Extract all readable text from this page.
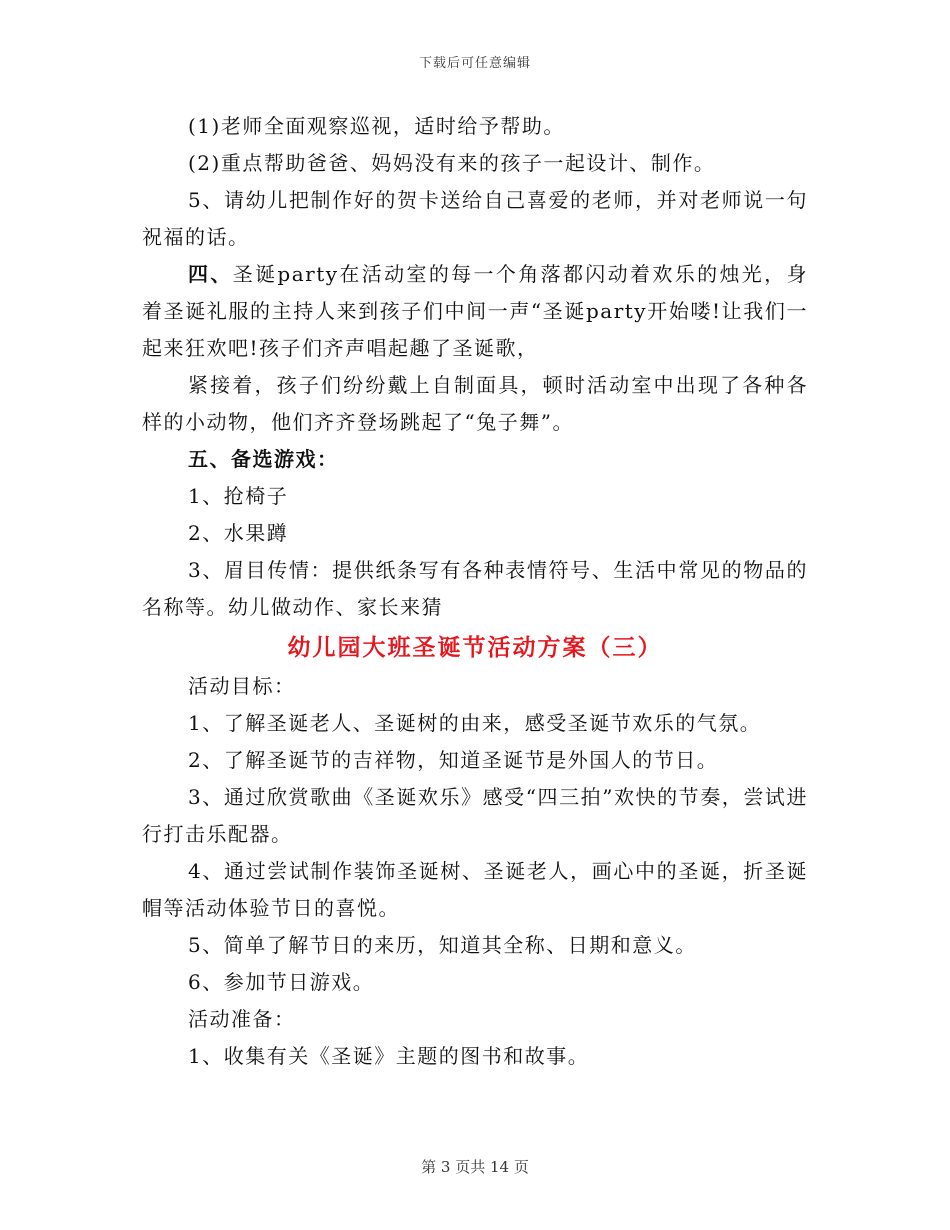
下载后可任意编辑

(1)老师全面观察巡视，适时给予帮助。

(2)重点帮助爸爸、妈妈没有来的孩子一起设计、制作。

5、请幼儿把制作好的贺卡送给自己喜爱的老师，并对老师说一句祝福的话。

四、圣诞party在活动室的每一个角落都闪动着欢乐的烛光，身着圣诞礼服的主持人来到孩子们中间一声“圣诞party开始喽!让我们一起来狂欢吧!孩子们齐声唱起趣了圣诞歌，

紧接着，孩子们纷纷戴上自制面具，顿时活动室中出现了各种各样的小动物，他们齐齐登场跳起了“兔子舞”。

五、备选游戏：

1、抢椅子

2、水果蹲

3、眉目传情：提供纸条写有各种表情符号、生活中常见的物品的名称等。幼儿做动作、家长来猜

幼儿园大班圣诞节活动方案（三）

活动目标：

1、了解圣诞老人、圣诞树的由来，感受圣诞节欢乐的气氛。

2、了解圣诞节的吉祥物，知道圣诞节是外国人的节日。

3、通过欣赏歌曲《圣诞欢乐》感受“四三拍”欢快的节奏，尝试进行打击乐配器。

4、通过尝试制作装饰圣诞树、圣诞老人，画心中的圣诞，折圣诞帽等活动体验节日的喜悦。

5、简单了解节日的来历，知道其全称、日期和意义。

6、参加节日游戏。

活动准备：

1、收集有关《圣诞》主题的图书和故事。

第 3 页共 14 页
